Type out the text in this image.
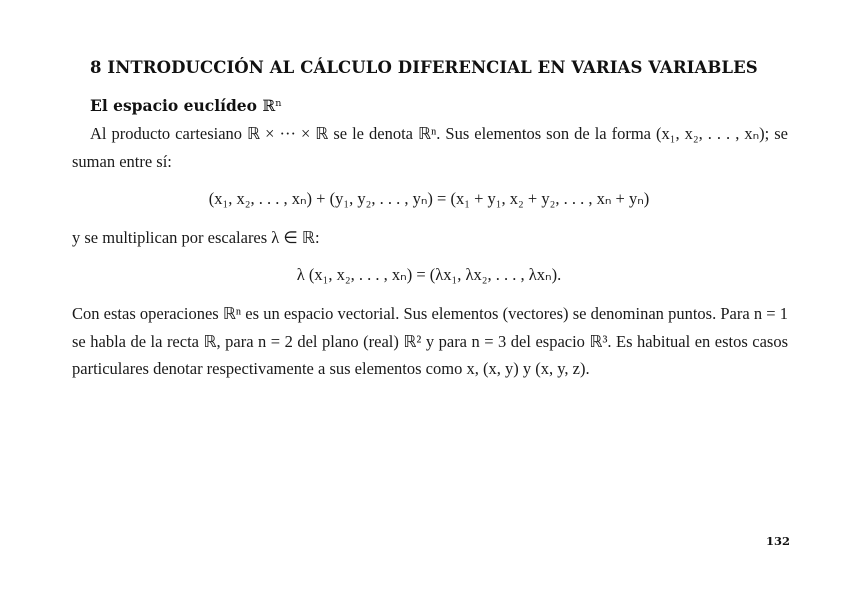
8 INTRODUCCIÓN AL CÁLCULO DIFERENCIAL EN VARIAS VARIABLES
El espacio euclídeo ℝⁿ
Al producto cartesiano ℝ × ··· × ℝ se le denota ℝⁿ. Sus elementos son de la forma (x₁, x₂, . . . , xₙ); se suman entre sí:
(x₁, x₂, . . . , xₙ) + (y₁, y₂, . . . , yₙ) = (x₁ + y₁, x₂ + y₂, . . . , xₙ + yₙ)
y se multiplican por escalares λ ∈ ℝ:
λ (x₁, x₂, . . . , xₙ) = (λx₁, λx₂, . . . , λxₙ).
Con estas operaciones ℝⁿ es un espacio vectorial. Sus elementos (vectores) se denominan puntos. Para n = 1 se habla de la recta ℝ, para n = 2 del plano (real) ℝ² y para n = 3 del espacio ℝ³. Es habitual en estos casos particulares denotar respectivamente a sus elementos como x, (x, y) y (x, y, z).
132
